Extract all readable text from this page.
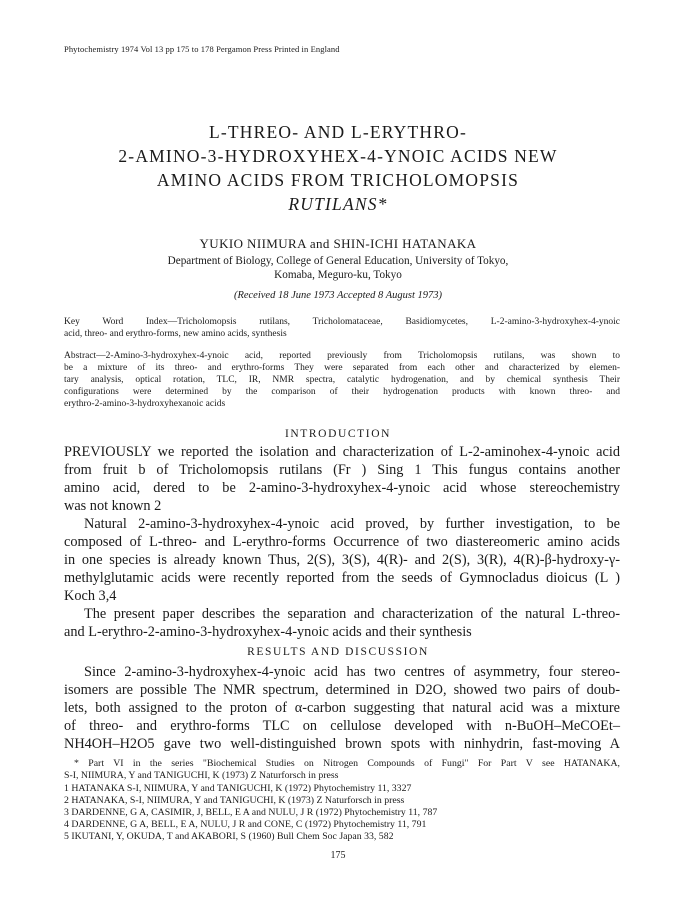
Phytochemistry 1974 Vol 13 pp 175 to 178 Pergamon Press Printed in England
L-THREO- AND L-ERYTHRO-
2-AMINO-3-HYDROXYHEX-4-YNOIC ACIDS NEW
AMINO ACIDS FROM TRICHOLOMOPSIS
RUTILANS*
YUKIO NIIMURA and SHIN-ICHI HATANAKA
Department of Biology, College of General Education, University of Tokyo,
Komaba, Meguro-ku, Tokyo
(Received 18 June 1973 Accepted 8 August 1973)
Key Word Index—Tricholomopsis rutilans, Tricholomataceae, Basidiomycetes, L-2-amino-3-hydroxyhex-4-ynoic
acid, threo- and erythro-forms, new amino acids, synthesis
Abstract—2-Amino-3-hydroxyhex-4-ynoic acid, reported previously from Tricholomopsis rutilans, was shown to
be a mixture of its threo- and erythro-forms They were separated from each other and characterized by elemen-
tary analysis, optical rotation, TLC, IR, NMR spectra, catalytic hydrogenation, and by chemical synthesis Their
configurations were determined by the comparison of their hydrogenation products with known threo- and
erythro-2-amino-3-hydroxyhexanoic acids
INTRODUCTION
PREVIOUSLY we reported the isolation and characterization of L-2-aminohex-4-ynoic acid
from fruit b of Tricholomopsis rutilans (Fr ) Sing 1 This fungus contains another
amino acid, dered to be 2-amino-3-hydroxyhex-4-ynoic acid whose stereochemistry
was not known 2
Natural 2-amino-3-hydroxyhex-4-ynoic acid proved, by further investigation, to be
composed of L-threo- and L-erythro-forms Occurrence of two diastereomeric amino acids
in one species is already known Thus, 2(S), 3(S), 4(R)- and 2(S), 3(R), 4(R)-β-hydroxy-γ-
methylglutamic acids were recently reported from the seeds of Gymnocladus dioicus (L )
Koch 3,4
The present paper describes the separation and characterization of the natural L-threo-
and L-erythro-2-amino-3-hydroxyhex-4-ynoic acids and their synthesis
RESULTS AND DISCUSSION
Since 2-amino-3-hydroxyhex-4-ynoic acid has two centres of asymmetry, four stereo-
isomers are possible The NMR spectrum, determined in D2O, showed two pairs of doub-
lets, both assigned to the proton of α-carbon suggesting that natural acid was a mixture
of threo- and erythro-forms TLC on cellulose developed with n-BuOH–MeCOEt–
NH4OH–H2O5 gave two well-distinguished brown spots with ninhydrin, fast-moving A
* Part VI in the series "Biochemical Studies on Nitrogen Compounds of Fungi" For Part V see HATANAKA,
S-I, NIIMURA, Y and TANIGUCHI, K (1973) Z Naturforsch in press
1 HATANAKA S-I, NIIMURA, Y and TANIGUCHI, K (1972) Phytochemistry 11, 3327
2 HATANAKA, S-I, NIIMURA, Y and TANIGUCHI, K (1973) Z Naturforsch in press
3 DARDENNE, G A, CASIMIR, J, BELL, E A and NULU, J R (1972) Phytochemistry 11, 787
4 DARDENNE, G A, BELL, E A, NULU, J R and CONE, C (1972) Phytochemistry 11, 791
5 IKUTANI, Y, OKUDA, T and AKABORI, S (1960) Bull Chem Soc Japan 33, 582
175
